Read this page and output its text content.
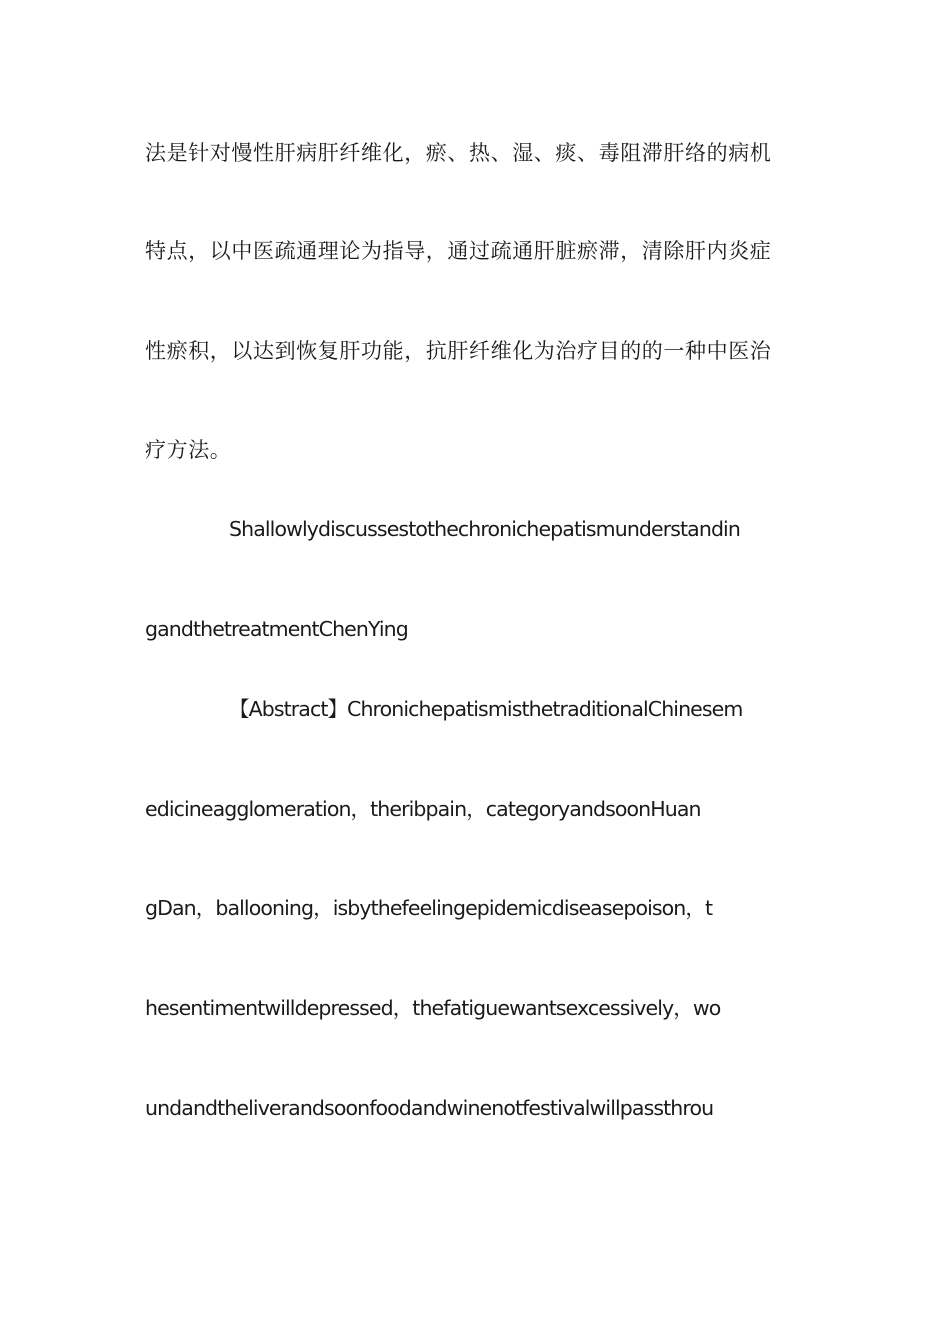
法是针对慢性肝病肝纤维化，瘀、热、湿、痰、毒阻滞肝络的病机
特点，以中医疏通理论为指导，通过疏通肝脏瘀滞，清除肝内炎症
性瘀积，以达到恢复肝功能，抗肝纤维化为治疗目的的一种中医治
疗方法。
Shallowlydiscussestothechronichepatismunderstandin
gandthetreatmentChenYing
【Abstract】ChronichepatismisthetraditionalChinesem
edicineagglomeration，theribpain，categoryandsoonHuan
gDan，ballooning，isbythefeelingepidemicdiseasepoison，t
hesentimentwilldepressed，thefatiguewantsexcessively，wo
undandtheliverandsoonfoodandwinenotfestivalwillpassthrou
